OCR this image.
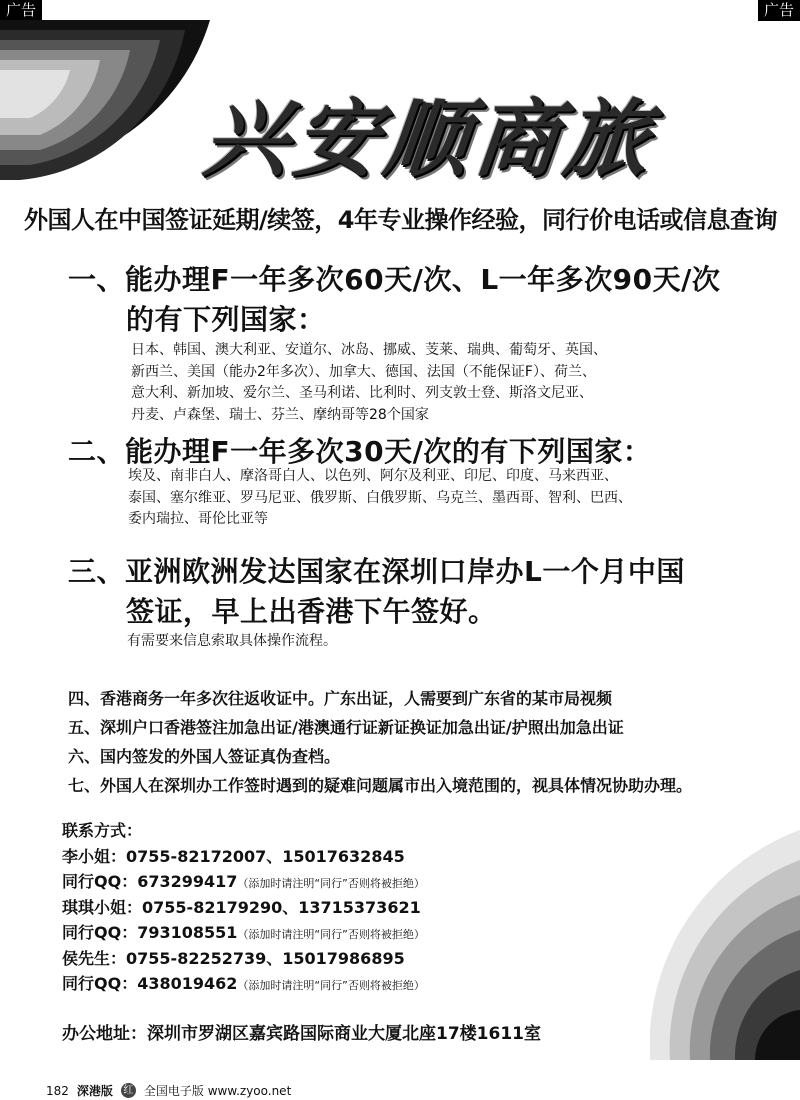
广告	广告
兴安顺商旅
外国人在中国签证延期/续签，4年专业操作经验，同行价电话或信息查询
一、能办理F一年多次60天/次、L一年多次90天/次
的有下列国家：
日本、韩国、澳大利亚、安道尔、冰岛、挪威、芰莱、瑞典、葡萄牙、英国、
新西兰、美国（能办2年多次）、加拿大、德国、法国（不能保证F）、荷兰、
意大利、新加坡、爱尔兰、圣马利诺、比利时、列支敦士登、斯洛文尼亚、
丹麦、卢森堡、瑞士、芬兰、摩纳哥等28个国家
二、能办理F一年多次30天/次的有下列国家：
埃及、南非白人、摩洛哥白人、以色列、阿尔及利亚、印尼、印度、马来西亚、
泰国、塞尔维亚、罗马尼亚、俄罗斯、白俄罗斯、乌克兰、墨西哥、智利、巴西、
委内瑞拉、哥伦比亚等
三、亚洲欧洲发达国家在深圳口岸办L一个月中国
签证，早上出香港下午签好。
有需要来信息索取具体操作流程。
四、香港商务一年多次往返收证中。广东出证，人需要到广东省的某市局视频
五、深圳户口香港签注加急出证/港澳通行证新证换证加急出证/护照出加急出证
六、国内签发的外国人签证真伪查档。
七、外国人在深圳办工作签时遇到的疑难问题属市出入境范围的，视具体情况协助办理。
联系方式：
李小姐：0755-82172007、15017632845
同行QQ：673299417（添加时请注明“同行”否则将被拒绝）
琪琪小姐：0755-82179290、13715373621
同行QQ：793108551（添加时请注明“同行”否则将被拒绝）
侯先生：0755-82252739、15017986895
同行QQ：438019462（添加时请注明“同行”否则将被拒绝）
办公地址：深圳市罗湖区嘉宾路国际商业大厦北座17楼1611室
182 深港版 红 全国电子版 www.zyoo.net
